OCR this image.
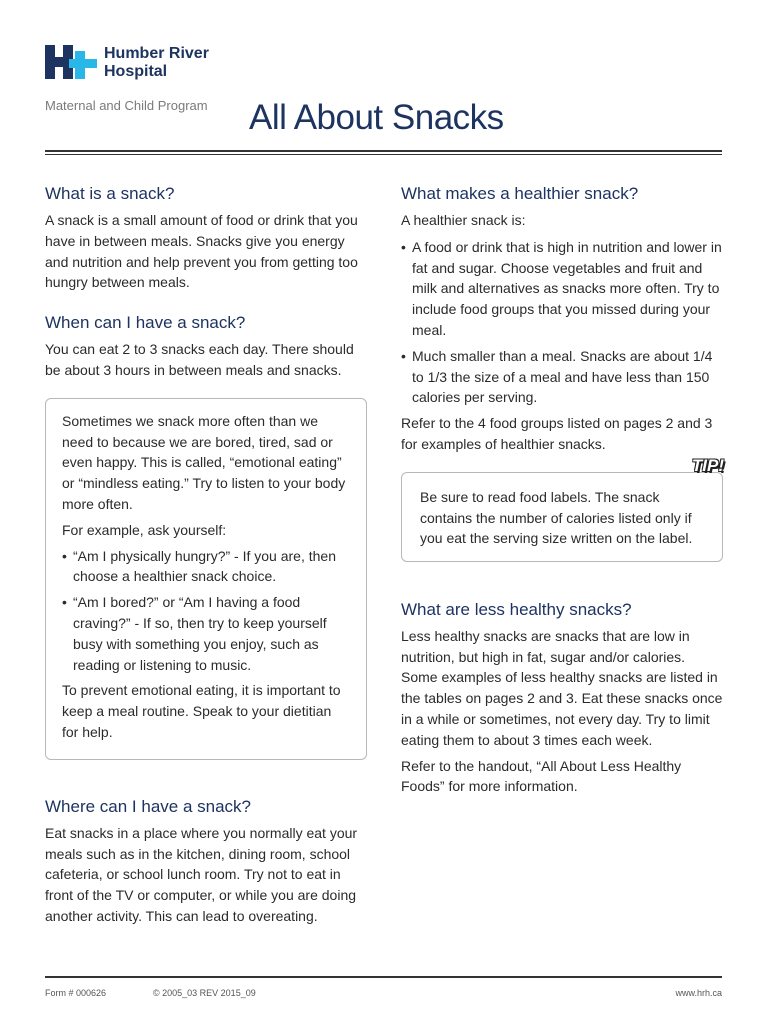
Humber River
Hospital
Maternal and Child Program All About Snacks
What is a snack?

A snack is a small amount of food or drink that you have in between meals. Snacks give you energy and nutrition and help prevent you from getting too hungry between meals.

When can I have a snack?

You can eat 2 to 3 snacks each day. There should be about 3 hours in between meals and snacks.

Sometimes we snack more often than we need to because we are bored, tired, sad or even happy. This is called, “emotional eating” or “mindless eating.” Try to listen to your body more often.

For example, ask yourself:

• “Am I physically hungry?” - If you are, then choose a healthier snack choice.
• “Am I bored?” or “Am I having a food craving?” - If so, then try to keep yourself busy with something you enjoy, such as reading or listening to music.

To prevent emotional eating, it is important to keep a meal routine. Speak to your dietitian for help.

Where can I have a snack?

Eat snacks in a place where you normally eat your meals such as in the kitchen, dining room, school cafeteria, or school lunch room. Try not to eat in front of the TV or computer, or while you are doing another activity. This can lead to overeating.

What makes a healthier snack?

A healthier snack is:

• A food or drink that is high in nutrition and lower in fat and sugar. Choose vegetables and fruit and milk and alternatives as snacks more often. Try to include food groups that you missed during your meal.
• Much smaller than a meal. Snacks are about 1/4 to 1/3 the size of a meal and have less than 150 calories per serving.

Refer to the 4 food groups listed on pages 2 and 3 for examples of healthier snacks.

Be sure to read food labels. The snack contains the number of calories listed only if you eat the serving size written on the label.

What are less healthy snacks?

Less healthy snacks are snacks that are low in nutrition, but high in fat, sugar and/or calories. Some examples of less healthy snacks are listed in the tables on pages 2 and 3. Eat these snacks once in a while or sometimes, not every day. Try to limit eating them to about 3 times each week.

Refer to the handout, “All About Less Healthy Foods” for more information.

TIP!
Form # 000626	© 2005_03 REV 2015_09	www.hrh.ca
